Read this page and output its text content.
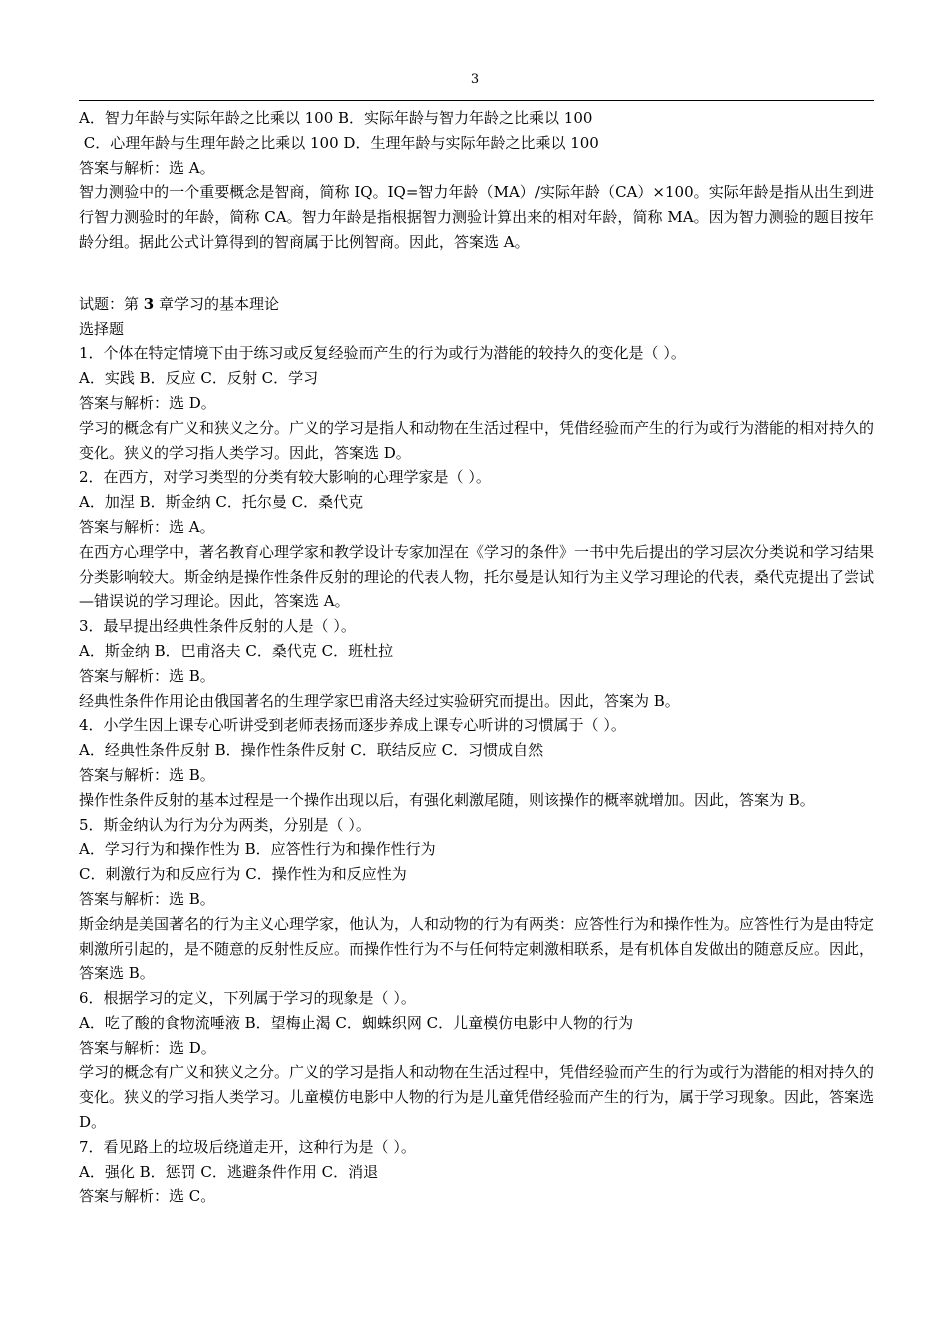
3
A．智力年龄与实际年龄之比乘以 100 B．实际年龄与智力年龄之比乘以 100
C．心理年龄与生理年龄之比乘以 100 D．生理年龄与实际年龄之比乘以 100
答案与解析：选 A。
智力测验中的一个重要概念是智商，简称 IQ。IQ=智力年龄（MA）/实际年龄（CA）×100。实际年龄是指从出生到进行智力测验时的年龄，简称 CA。智力年龄是指根据智力测验计算出来的相对年龄，简称 MA。因为智力测验的题目按年龄分组。据此公式计算得到的智商属于比例智商。因此，答案选 A。
试题：第 3 章学习的基本理论
选择题
1．个体在特定情境下由于练习或反复经验而产生的行为或行为潜能的较持久的变化是（ ）。
A．实践 B．反应 C．反射 C．学习
答案与解析：选 D。
学习的概念有广义和狭义之分。广义的学习是指人和动物在生活过程中，凭借经验而产生的行为或行为潜能的相对持久的变化。狭义的学习指人类学习。因此，答案选 D。
2．在西方，对学习类型的分类有较大影响的心理学家是（ ）。
A．加涅 B．斯金纳 C．托尔曼 C．桑代克
答案与解析：选 A。
在西方心理学中，著名教育心理学家和教学设计专家加涅在《学习的条件》一书中先后提出的学习层次分类说和学习结果分类影响较大。斯金纳是操作性条件反射的理论的代表人物，托尔曼是认知行为主义学习理论的代表，桑代克提出了尝试—错误说的学习理论。因此，答案选 A。
3．最早提出经典性条件反射的人是（ ）。
A．斯金纳 B．巴甫洛夫 C．桑代克 C．班杜拉
答案与解析：选 B。
经典性条件作用论由俄国著名的生理学家巴甫洛夫经过实验研究而提出。因此，答案为 B。
4．小学生因上课专心听讲受到老师表扬而逐步养成上课专心听讲的习惯属于（ ）。
A．经典性条件反射 B．操作性条件反射 C．联结反应 C．习惯成自然
答案与解析：选 B。
操作性条件反射的基本过程是一个操作出现以后，有强化刺激尾随，则该操作的概率就增加。因此，答案为 B。
5．斯金纳认为行为分为两类，分别是（ ）。
A．学习行为和操作性为 B．应答性行为和操作性行为
C．刺激行为和反应行为 C．操作性为和反应性为
答案与解析：选 B。
斯金纳是美国著名的行为主义心理学家，他认为，人和动物的行为有两类：应答性行为和操作性为。应答性行为是由特定刺激所引起的，是不随意的反射性反应。而操作性行为不与任何特定刺激相联系，是有机体自发做出的随意反应。因此，答案选 B。
6．根据学习的定义，下列属于学习的现象是（ ）。
A．吃了酸的食物流唾液 B．望梅止渴 C．蜘蛛织网 C．儿童模仿电影中人物的行为
答案与解析：选 D。
学习的概念有广义和狭义之分。广义的学习是指人和动物在生活过程中，凭借经验而产生的行为或行为潜能的相对持久的变化。狭义的学习指人类学习。儿童模仿电影中人物的行为是儿童凭借经验而产生的行为，属于学习现象。因此，答案选 D。
7．看见路上的垃圾后绕道走开，这种行为是（ ）。
A．强化 B．惩罚 C．逃避条件作用 C．消退
答案与解析：选 C。
